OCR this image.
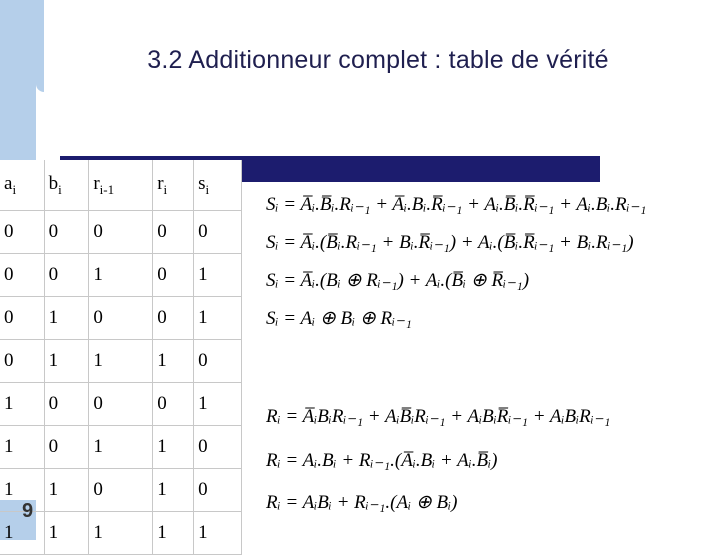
3.2 Additionneur complet : table de vérité
$a_i$	$b_i$	$r_{i-1}$	$r_i$	$s_i$
0	0	0	0	0
0	0	1	0	1
0	1	0	0	1
0	1	1	1	0
1	0	0	0	1
1	0	1	1	0
1	1	0	1	0
1	1	1	1	1
9
Sᵢ = A̅ᵢ.B̅ᵢ.Rᵢ₋₁ + A̅ᵢ.Bᵢ.R̅ᵢ₋₁ + Aᵢ.B̅ᵢ.R̅ᵢ₋₁ + Aᵢ.Bᵢ.Rᵢ₋₁
Sᵢ = A̅ᵢ.(B̅ᵢ.Rᵢ₋₁ + Bᵢ.R̅ᵢ₋₁) + Aᵢ.(B̅ᵢ.R̅ᵢ₋₁ + Bᵢ.Rᵢ₋₁)
Sᵢ = A̅ᵢ.(Bᵢ ⊕ Rᵢ₋₁) + Aᵢ.(B̅ᵢ ⊕ R̅ᵢ₋₁)
Sᵢ = Aᵢ ⊕ Bᵢ ⊕ Rᵢ₋₁
Rᵢ = A̅ᵢBᵢRᵢ₋₁ + AᵢB̅ᵢRᵢ₋₁ + AᵢBᵢR̅ᵢ₋₁ + AᵢBᵢRᵢ₋₁
Rᵢ = Aᵢ.Bᵢ + Rᵢ₋₁.(A̅ᵢ.Bᵢ + Aᵢ.B̅ᵢ)
Rᵢ = AᵢBᵢ + Rᵢ₋₁.(Aᵢ ⊕ Bᵢ)
